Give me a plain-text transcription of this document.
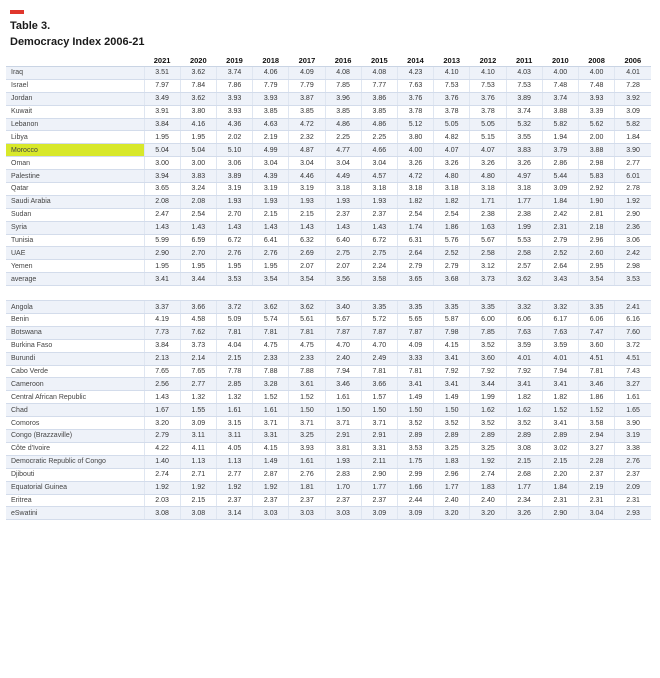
Table 3.
Democracy Index 2006-21
	2021	2020	2019	2018	2017	2016	2015	2014	2013	2012	2011	2010	2008	2006
Iraq	3.51	3.62	3.74	4.06	4.09	4.08	4.08	4.23	4.10	4.10	4.03	4.00	4.00	4.01
Israel	7.97	7.84	7.86	7.79	7.79	7.85	7.77	7.63	7.53	7.53	7.53	7.48	7.48	7.28
Jordan	3.49	3.62	3.93	3.93	3.87	3.96	3.86	3.76	3.76	3.76	3.89	3.74	3.93	3.92
Kuwait	3.91	3.80	3.93	3.85	3.85	3.85	3.85	3.78	3.78	3.78	3.74	3.88	3.39	3.09
Lebanon	3.84	4.16	4.36	4.63	4.72	4.86	4.86	5.12	5.05	5.05	5.32	5.82	5.62	5.82
Libya	1.95	1.95	2.02	2.19	2.32	2.25	2.25	3.80	4.82	5.15	3.55	1.94	2.00	1.84
Morocco	5.04	5.04	5.10	4.99	4.87	4.77	4.66	4.00	4.07	4.07	3.83	3.79	3.88	3.90
Oman	3.00	3.00	3.06	3.04	3.04	3.04	3.04	3.26	3.26	3.26	3.26	2.86	2.98	2.77
Palestine	3.94	3.83	3.89	4.39	4.46	4.49	4.57	4.72	4.80	4.80	4.97	5.44	5.83	6.01
Qatar	3.65	3.24	3.19	3.19	3.19	3.18	3.18	3.18	3.18	3.18	3.18	3.09	2.92	2.78
Saudi Arabia	2.08	2.08	1.93	1.93	1.93	1.93	1.93	1.82	1.82	1.71	1.77	1.84	1.90	1.92
Sudan	2.47	2.54	2.70	2.15	2.15	2.37	2.37	2.54	2.54	2.38	2.38	2.42	2.81	2.90
Syria	1.43	1.43	1.43	1.43	1.43	1.43	1.43	1.74	1.86	1.63	1.99	2.31	2.18	2.36
Tunisia	5.99	6.59	6.72	6.41	6.32	6.40	6.72	6.31	5.76	5.67	5.53	2.79	2.96	3.06
UAE	2.90	2.70	2.76	2.76	2.69	2.75	2.75	2.64	2.52	2.58	2.58	2.52	2.60	2.42
Yemen	1.95	1.95	1.95	1.95	2.07	2.07	2.24	2.79	2.79	3.12	2.57	2.64	2.95	2.98
average	3.41	3.44	3.53	3.54	3.54	3.56	3.58	3.65	3.68	3.73	3.62	3.43	3.54	3.53

Angola	3.37	3.66	3.72	3.62	3.62	3.40	3.35	3.35	3.35	3.35	3.32	3.32	3.35	2.41
Benin	4.19	4.58	5.09	5.74	5.61	5.67	5.72	5.65	5.87	6.00	6.06	6.17	6.06	6.16
Botswana	7.73	7.62	7.81	7.81	7.81	7.87	7.87	7.87	7.98	7.85	7.63	7.63	7.47	7.60
Burkina Faso	3.84	3.73	4.04	4.75	4.75	4.70	4.70	4.09	4.15	3.52	3.59	3.59	3.60	3.72
Burundi	2.13	2.14	2.15	2.33	2.33	2.40	2.49	3.33	3.41	3.60	4.01	4.01	4.51	4.51
Cabo Verde	7.65	7.65	7.78	7.88	7.88	7.94	7.81	7.81	7.92	7.92	7.92	7.94	7.81	7.43
Cameroon	2.56	2.77	2.85	3.28	3.61	3.46	3.66	3.41	3.41	3.44	3.41	3.41	3.46	3.27
Central African Republic	1.43	1.32	1.32	1.52	1.52	1.61	1.57	1.49	1.49	1.99	1.82	1.82	1.86	1.61
Chad	1.67	1.55	1.61	1.61	1.50	1.50	1.50	1.50	1.50	1.62	1.62	1.52	1.52	1.65
Comoros	3.20	3.09	3.15	3.71	3.71	3.71	3.71	3.52	3.52	3.52	3.52	3.41	3.58	3.90
Congo (Brazzaville)	2.79	3.11	3.11	3.31	3.25	2.91	2.91	2.89	2.89	2.89	2.89	2.89	2.94	3.19
Côte d'Ivoire	4.22	4.11	4.05	4.15	3.93	3.81	3.31	3.53	3.25	3.25	3.08	3.02	3.27	3.38
Democratic Republic of Congo	1.40	1.13	1.13	1.49	1.61	1.93	2.11	1.75	1.83	1.92	2.15	2.15	2.28	2.76
Djibouti	2.74	2.71	2.77	2.87	2.76	2.83	2.90	2.99	2.96	2.74	2.68	2.20	2.37	2.37
Equatorial Guinea	1.92	1.92	1.92	1.92	1.81	1.70	1.77	1.66	1.77	1.83	1.77	1.84	2.19	2.09
Eritrea	2.03	2.15	2.37	2.37	2.37	2.37	2.37	2.44	2.40	2.40	2.34	2.31	2.31	2.31
eSwatini	3.08	3.08	3.14	3.03	3.03	3.03	3.09	3.09	3.20	3.20	3.26	2.90	3.04	2.93
